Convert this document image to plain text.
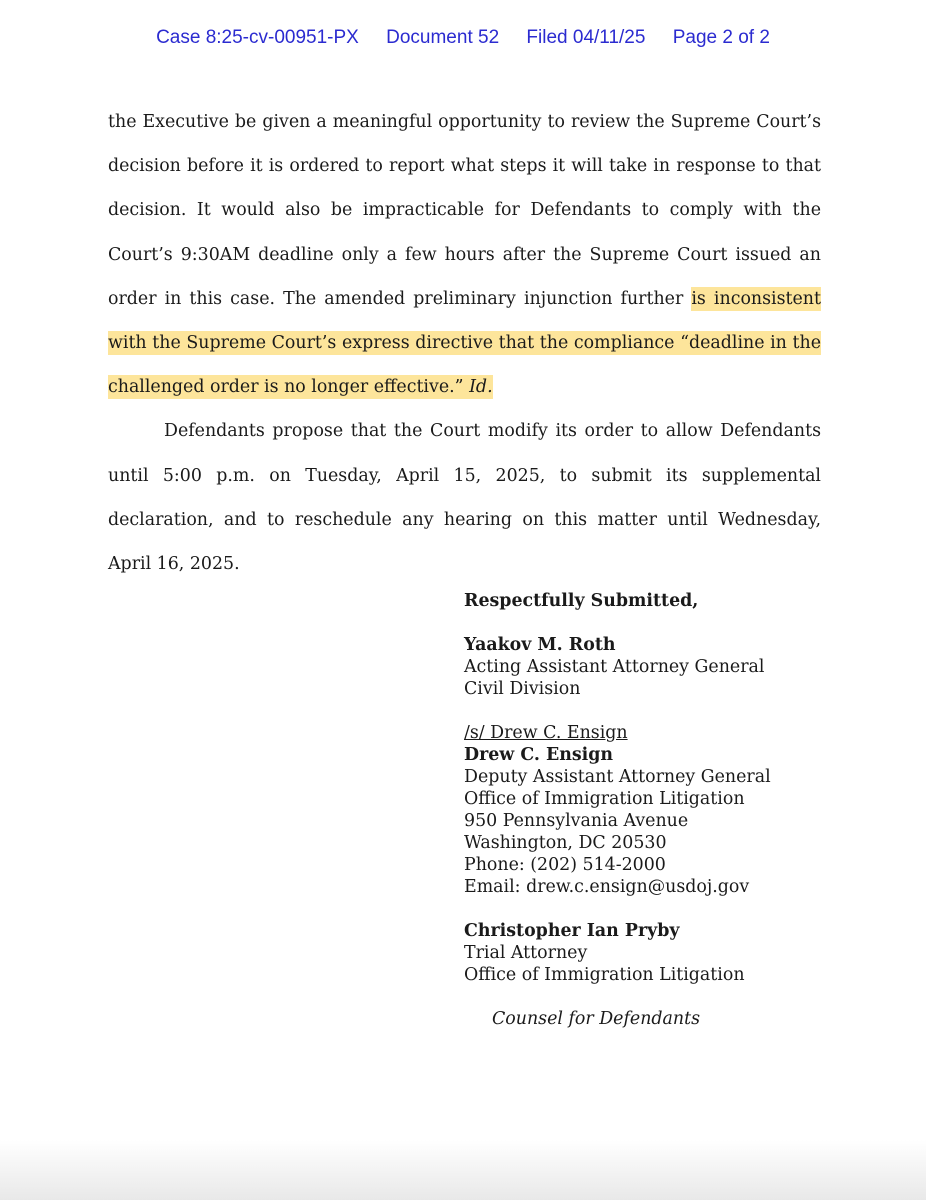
Case 8:25-cv-00951-PX Document 52 Filed 04/11/25 Page 2 of 2

the Executive be given a meaningful opportunity to review the Supreme Court’s decision before it is ordered to report what steps it will take in response to that decision. It would also be impracticable for Defendants to comply with the Court’s 9:30AM deadline only a few hours after the Supreme Court issued an order in this case. The amended preliminary injunction further is inconsistent with the Supreme Court’s express directive that the compliance “deadline in the challenged order is no longer effective.” Id.

Defendants propose that the Court modify its order to allow Defendants until 5:00 p.m. on Tuesday, April 15, 2025, to submit its supplemental declaration, and to reschedule any hearing on this matter until Wednesday, April 16, 2025.

Respectfully Submitted,
Yaakov M. Roth
Acting Assistant Attorney General
Civil Division
/s/ Drew C. Ensign
Drew C. Ensign
Deputy Assistant Attorney General
Office of Immigration Litigation
950 Pennsylvania Avenue
Washington, DC 20530
Phone: (202) 514-2000
Email: drew.c.ensign@usdoj.gov
Christopher Ian Pryby
Trial Attorney
Office of Immigration Litigation
Counsel for Defendants
